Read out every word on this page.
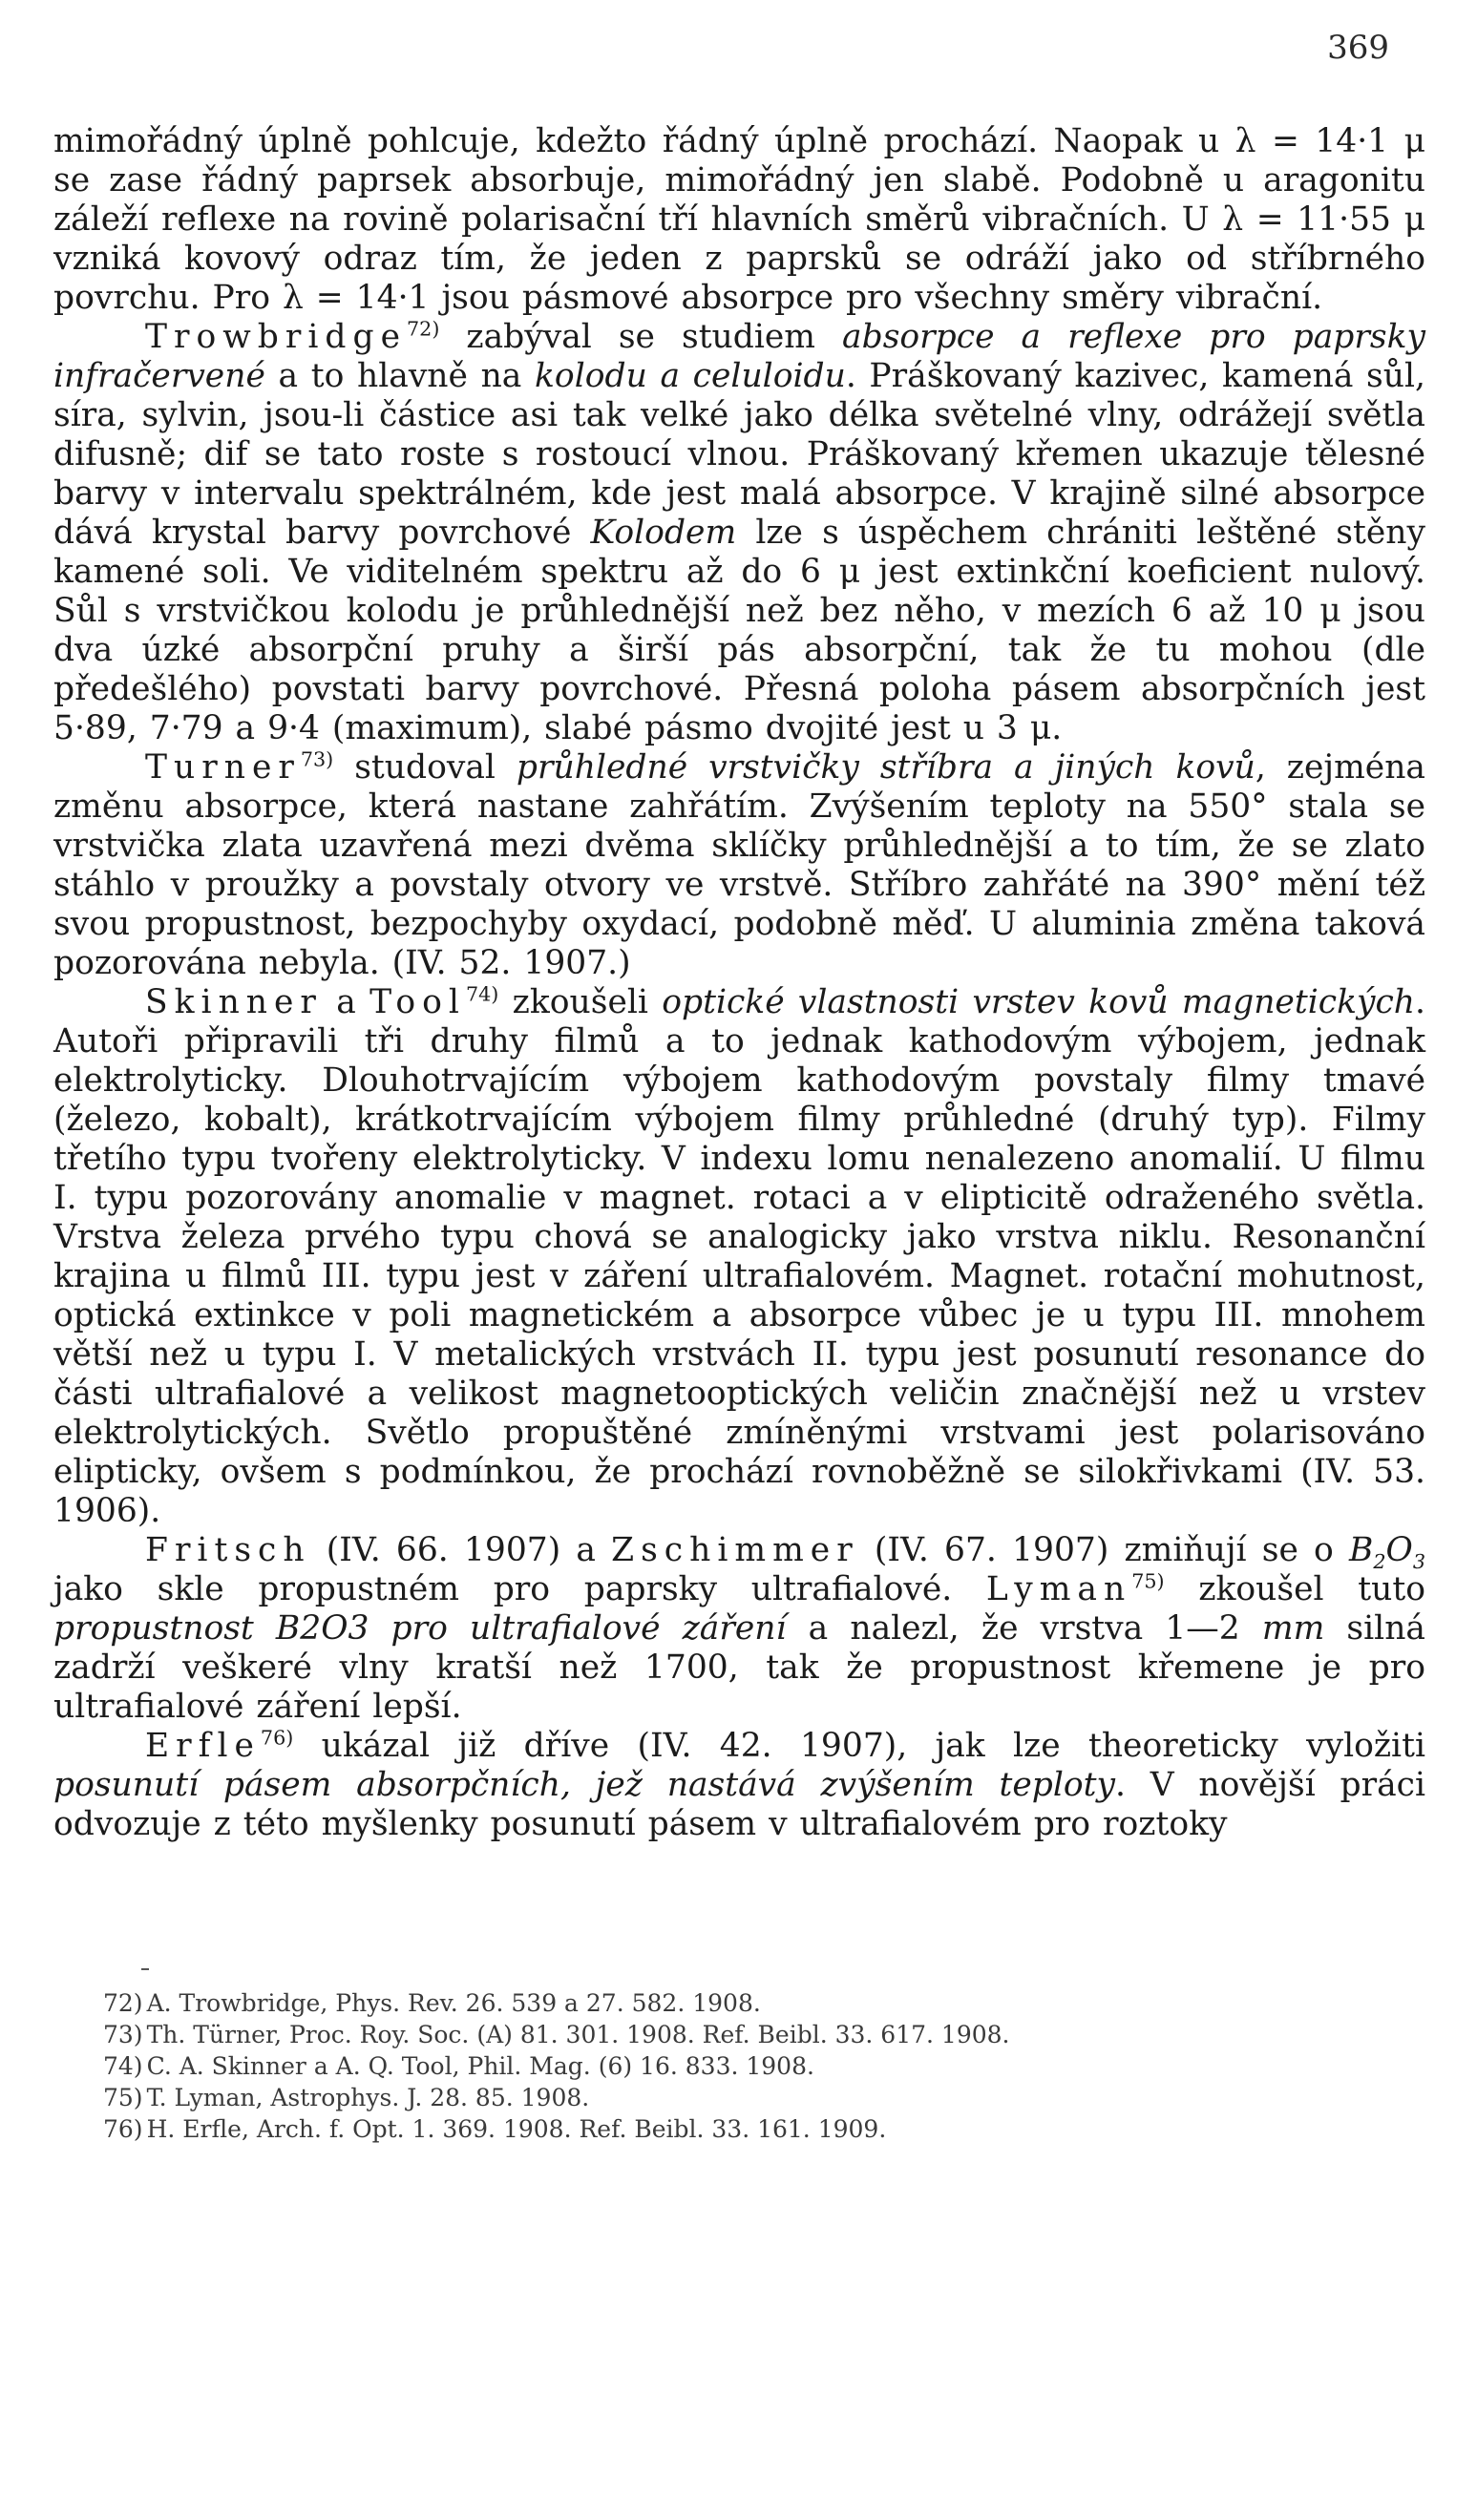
369

mimořádný úplně pohlcuje, kdežto řádný úplně prochází. Naopak u λ = 14·1 μ se zase řádný paprsek absorbuje, mimořádný jen slabě. Podobně u aragonitu záleží reflexe na rovině polarisační tří hlavních směrů vibračních. U λ = 11·55 μ vzniká kovový odraz tím, že jeden z paprsků se odráží jako od stříbrného povrchu. Pro λ = 14·1 jsou pásmové absorpce pro všechny směry vibrační.

Trowbridge$^{72)}$ zabýval se studiem absorpce a reflexe pro paprsky infračervené a to hlavně na kolodu a celuloidu. Práškovaný kazivec, kamená sůl, síra, sylvin, jsou-li částice asi tak velké jako délka světelné vlny, odrážejí světla difusně; dif se tato roste s rostoucí vlnou. Práškovaný křemen ukazuje tělesné barvy v intervalu spektrálném, kde jest malá absorpce. V krajině silné absorpce dává krystal barvy povrchové Kolodem lze s úspěchem chrániti leštěné stěny kamené soli. Ve viditelném spektru až do 6 μ jest extinkční koeficient nulový. Sůl s vrstvičkou kolodu je průhlednější než bez něho, v mezích 6 až 10 μ jsou dva úzké absorpční pruhy a širší pás absorpční, tak že tu mohou (dle předešlého) povstati barvy povrchové. Přesná poloha pásem absorpčních jest 5·89, 7·79 a 9·4 (maximum), slabé pásmo dvojité jest u 3 μ.

Turner$^{73)}$ studoval průhledné vrstvičky stříbra a jiných kovů, zejména změnu absorpce, která nastane zahřátím. Zvýšením teploty na 550° stala se vrstvička zlata uzavřená mezi dvěma sklíčky průhlednější a to tím, že se zlato stáhlo v proužky a povstaly otvory ve vrstvě. Stříbro zahřáté na 390° mění též svou propustnost, bezpochyby oxydací, podobně měď. U aluminia změna taková pozorována nebyla. (IV. 52. 1907.)

Skinner a Tool$^{74)}$ zkoušeli optické vlastnosti vrstev kovů magnetických. Autoři připravili tři druhy filmů a to jednak kathodovým výbojem, jednak elektrolyticky. Dlouhotrvajícím výbojem kathodovým povstaly filmy tmavé (železo, kobalt), krátkotrvajícím výbojem filmy průhledné (druhý typ). Filmy třetího typu tvořeny elektrolyticky. V indexu lomu nenalezeno anomalií. U filmu I. typu pozorovány anomalie v magnet. rotaci a v elipticitě odraženého světla. Vrstva železa prvého typu chová se analogicky jako vrstva niklu. Resonanční krajina u filmů III. typu jest v záření ultrafialovém. Magnet. rotační mohutnost, optická extinkce v poli magnetickém a absorpce vůbec je u typu III. mnohem větší než u typu I. V metalických vrstvách II. typu jest posunutí resonance do části ultrafialové a velikost magnetooptických veličin značnější než u vrstev elektrolytických. Světlo propuštěné zmíněnými vrstvami jest polarisováno elipticky, ovšem s podmínkou, že prochází rovnoběžně se silokřivkami (IV. 53. 1906).

Fritsch (IV. 66. 1907) a Zschimmer (IV. 67. 1907) zmiňují se o $B_2O_3$ jako skle propustném pro paprsky ultrafialové. Lyman$^{75)}$ zkoušel tuto propustnost B2O3 pro ultrafialové záření a nalezl, že vrstva 1—2 mm silná zadrží veškeré vlny kratší než 1700, tak že propustnost křemene je pro ultrafialové záření lepší.

Erfle$^{76)}$ ukázal již dříve (IV. 42. 1907), jak lze theoreticky vyložiti posunutí pásem absorpčních, jež nastává zvýšením teploty. V novější práci odvozuje z této myšlenky posunutí pásem v ultrafialovém pro roztoky

72) A. Trowbridge, Phys. Rev. 26. 539 a 27. 582. 1908.

73) Th. Türner, Proc. Roy. Soc. (A) 81. 301. 1908. Ref. Beibl. 33. 617. 1908.

74) C. A. Skinner a A. Q. Tool, Phil. Mag. (6) 16. 833. 1908.

75) T. Lyman, Astrophys. J. 28. 85. 1908.

76) H. Erfle, Arch. f. Opt. 1. 369. 1908. Ref. Beibl. 33. 161. 1909.
